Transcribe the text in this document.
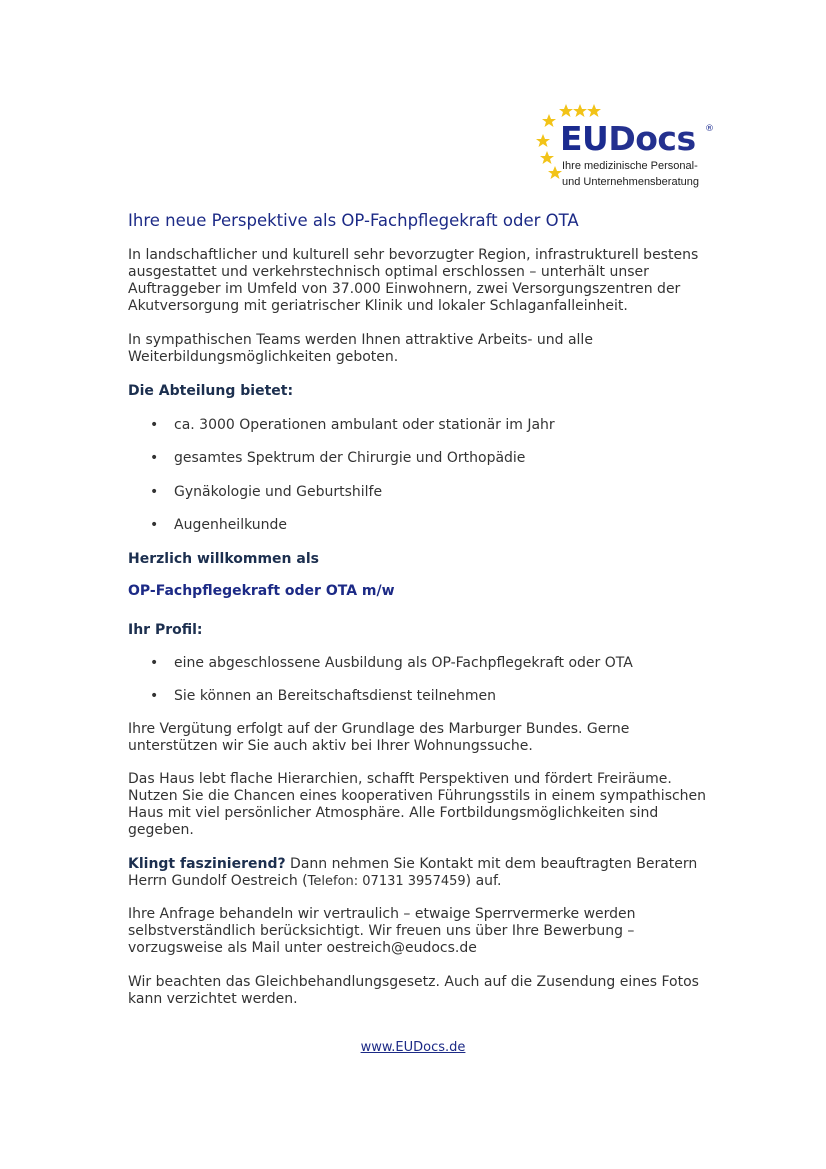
EUDocs ®
Ihre medizinische Personal-
und Unternehmensberatung
Ihre neue Perspektive als OP-Fachpflegekraft oder OTA
In landschaftlicher und kulturell sehr bevorzugter Region, infrastrukturell bestens ausgestattet und verkehrstechnisch optimal erschlossen – unterhält unser Auftraggeber im Umfeld von 37.000 Einwohnern, zwei Versorgungszentren der Akutversorgung mit geriatrischer Klinik und lokaler Schlaganfalleinheit.
In sympathischen Teams werden Ihnen attraktive Arbeits- und alle Weiterbildungsmöglichkeiten geboten.
Die Abteilung bietet:
• ca. 3000 Operationen ambulant oder stationär im Jahr
• gesamtes Spektrum der Chirurgie und Orthopädie
• Gynäkologie und Geburtshilfe
• Augenheilkunde
Herzlich willkommen als
OP-Fachpflegekraft oder OTA m/w
Ihr Profil:
• eine abgeschlossene Ausbildung als OP-Fachpflegekraft oder OTA
• Sie können an Bereitschaftsdienst teilnehmen
Ihre Vergütung erfolgt auf der Grundlage des Marburger Bundes. Gerne unterstützen wir Sie auch aktiv bei Ihrer Wohnungssuche.
Das Haus lebt flache Hierarchien, schafft Perspektiven und fördert Freiräume. Nutzen Sie die Chancen eines kooperativen Führungsstils in einem sympathischen Haus mit viel persönlicher Atmosphäre. Alle Fortbildungsmöglichkeiten sind gegeben.
Klingt faszinierend? Dann nehmen Sie Kontakt mit dem beauftragten Beratern Herrn Gundolf Oestreich (Telefon: 07131 3957459) auf.
Ihre Anfrage behandeln wir vertraulich – etwaige Sperrvermerke werden selbstverständlich berücksichtigt. Wir freuen uns über Ihre Bewerbung – vorzugsweise als Mail unter oestreich@eudocs.de
Wir beachten das Gleichbehandlungsgesetz. Auch auf die Zusendung eines Fotos kann verzichtet werden.
www.EUDocs.de
